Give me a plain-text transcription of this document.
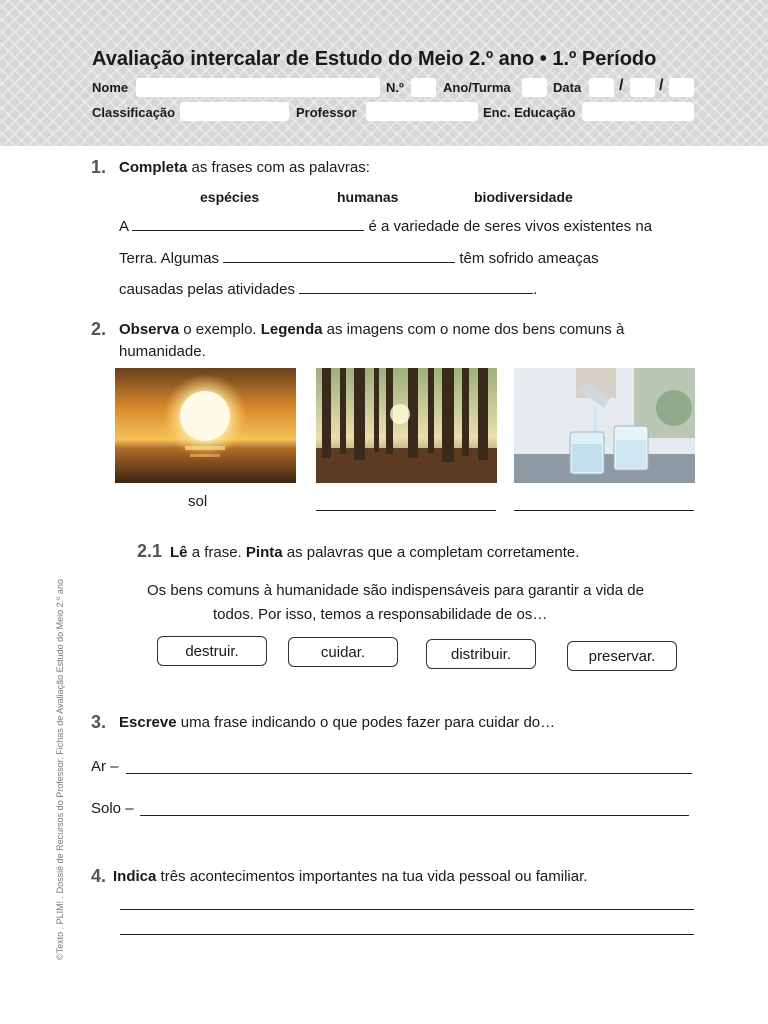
Avaliação intercalar de Estudo do Meio 2.º ano • 1.º Período
Nome	N.º	Ano/Turma	Data / /
Classificação	Professor	Enc. Educação
1. Completa as frases com as palavras:
espécies	humanas	biodiversidade
A	é a variedade de seres vivos existentes na
Terra. Algumas	têm sofrido ameaças
causadas pelas atividades	.
2. Observa o exemplo. Legenda as imagens com o nome dos bens comuns à
humanidade.
sol
2.1 Lê a frase. Pinta as palavras que a completam corretamente.
Os bens comuns à humanidade são indispensáveis para garantir a vida de
todos. Por isso, temos a responsabilidade de os…
destruir.	cuidar.	distribuir.	preservar.
3. Escreve uma frase indicando o que podes fazer para cuidar do…
Ar –
Solo –
4. Indica três acontecimentos importantes na tua vida pessoal ou familiar.
©Texto . PLIM! . Dossiê de Recursos do Professor. Fichas de Avaliação Estudo do Meio 2.º ano
